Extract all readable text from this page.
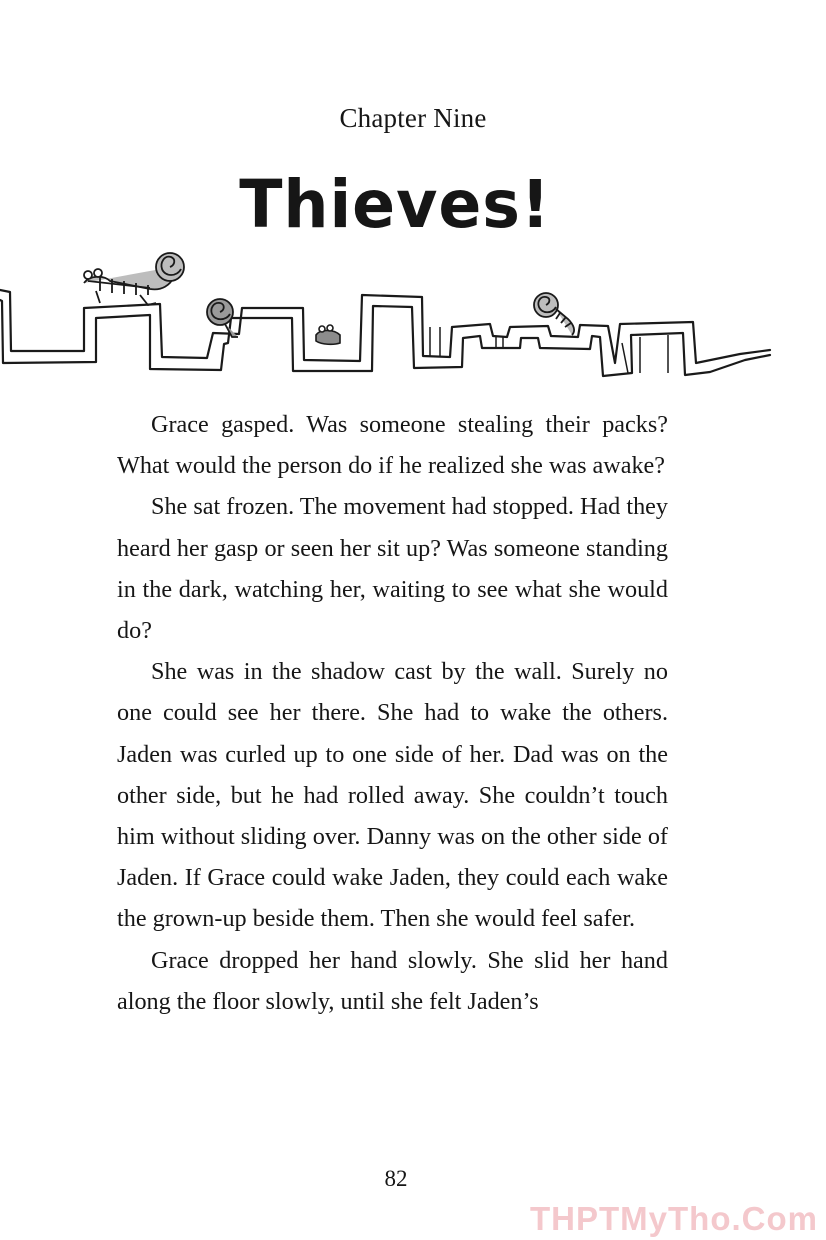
Chapter Nine
Thieves!

Grace gasped. Was someone stealing their packs? What would the person do if he realized she was awake?

She sat frozen. The movement had stopped. Had they heard her gasp or seen her sit up? Was someone standing in the dark, watching her, waiting to see what she would do?

She was in the shadow cast by the wall. Surely no one could see her there. She had to wake the others. Jaden was curled up to one side of her. Dad was on the other side, but he had rolled away. She couldn’t touch him without sliding over. Danny was on the other side of Jaden. If Grace could wake Jaden, they could each wake the grown-up beside them. Then she would feel safer.

Grace dropped her hand slowly. She slid her hand along the floor slowly, until she felt Jaden’s

82
THPTMyTho.Com
